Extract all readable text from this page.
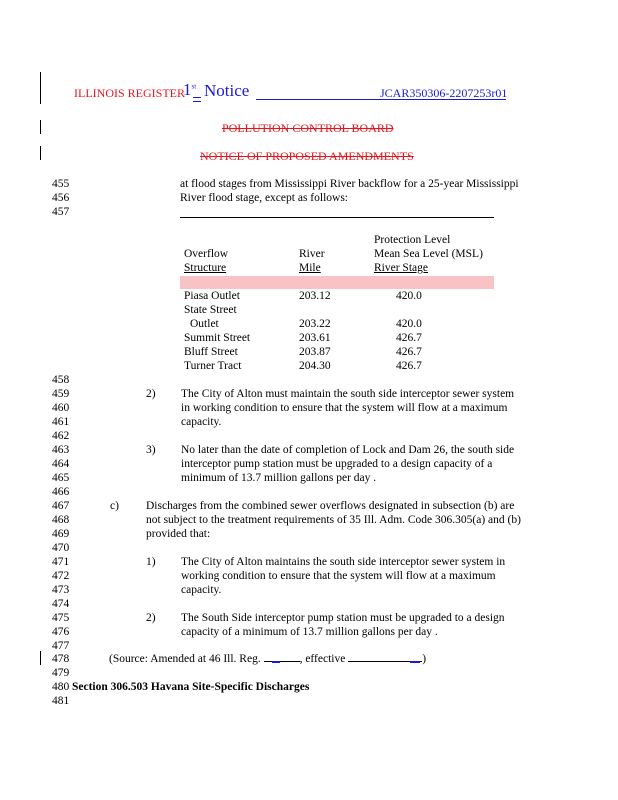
ILLINOIS REGISTER
1st Notice	JCAR350306-2207253r01
POLLUTION CONTROL BOARD
NOTICE OF PROPOSED AMENDMENTS
455
456
457
at flood stages from Mississippi River backflow for a 25-year Mississippi
River flood stage, except as follows:
Protection Level
Overflow	River	Mean Sea Level (MSL)
Structure	Mile	River Stage
Piasa Outlet	203.12	420.0
State Street
Outlet	203.22	420.0
Summit Street	203.61	426.7
Bluff Street	203.87	426.7
Turner Tract	204.30	426.7
458
2)
459	The City of Alton must maintain the south side interceptor sewer system
460	in working condition to ensure that the system will flow at a maximum
461	capacity.
462
3)
463	No later than the date of completion of Lock and Dam 26, the south side
464	interceptor pump station must be upgraded to a design capacity of a
465	minimum of 13.7 million gallons per day .
466
c)
467	Discharges from the combined sewer overflows designated in subsection (b) are
468	not subject to the treatment requirements of 35 Ill. Adm. Code 306.305(a) and (b)
469	provided that:
470
1)
471	The City of Alton maintains the south side interceptor sewer system in
472	working condition to ensure that the system will flow at a maximum
473	capacity.
474
2)
475	The South Side interceptor pump station must be upgraded to a design
476	capacity of a minimum of 13.7 million gallons per day .
477
478	(Source: Amended at 46 Ill. Reg.	, effective	)
479
480 Section 306.503 Havana Site-Specific Discharges
481
